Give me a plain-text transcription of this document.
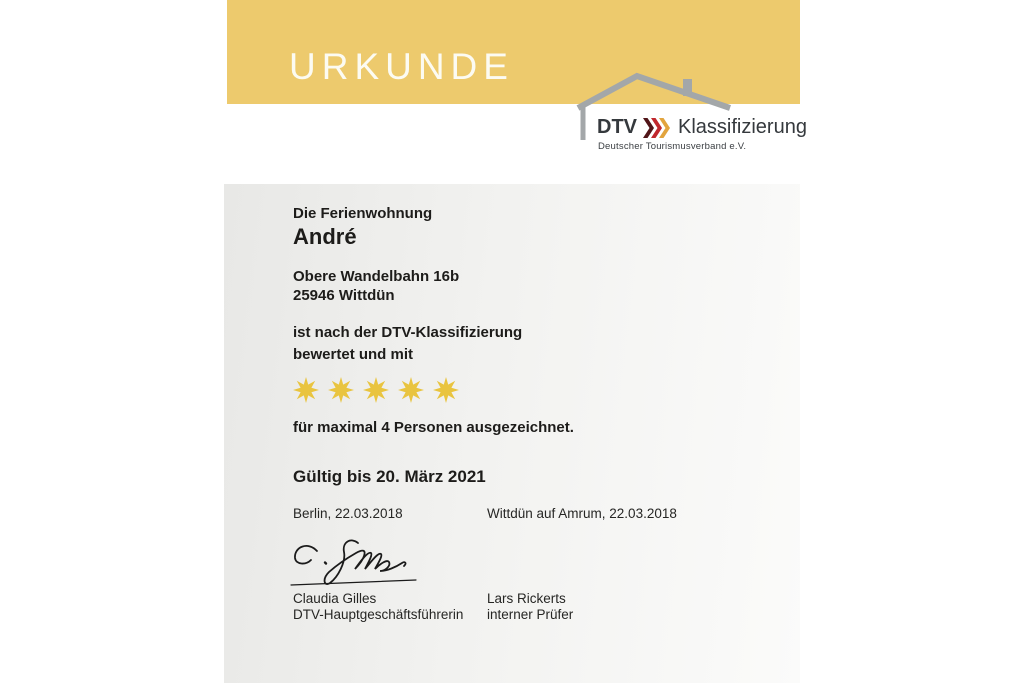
URKUNDE
DTV Klassifizierung
Deutscher Tourismusverband e.V.
Die Ferienwohnung
André
Obere Wandelbahn 16b
25946 Wittdün
ist nach der DTV-Klassifizierung
bewertet und mit
für maximal 4 Personen ausgezeichnet.
Gültig bis 20. März 2021
Berlin, 22.03.2018	Wittdün auf Amrum, 22.03.2018
Claudia Gilles
DTV-Hauptgeschäftsführerin
Lars Rickerts
interner Prüfer
